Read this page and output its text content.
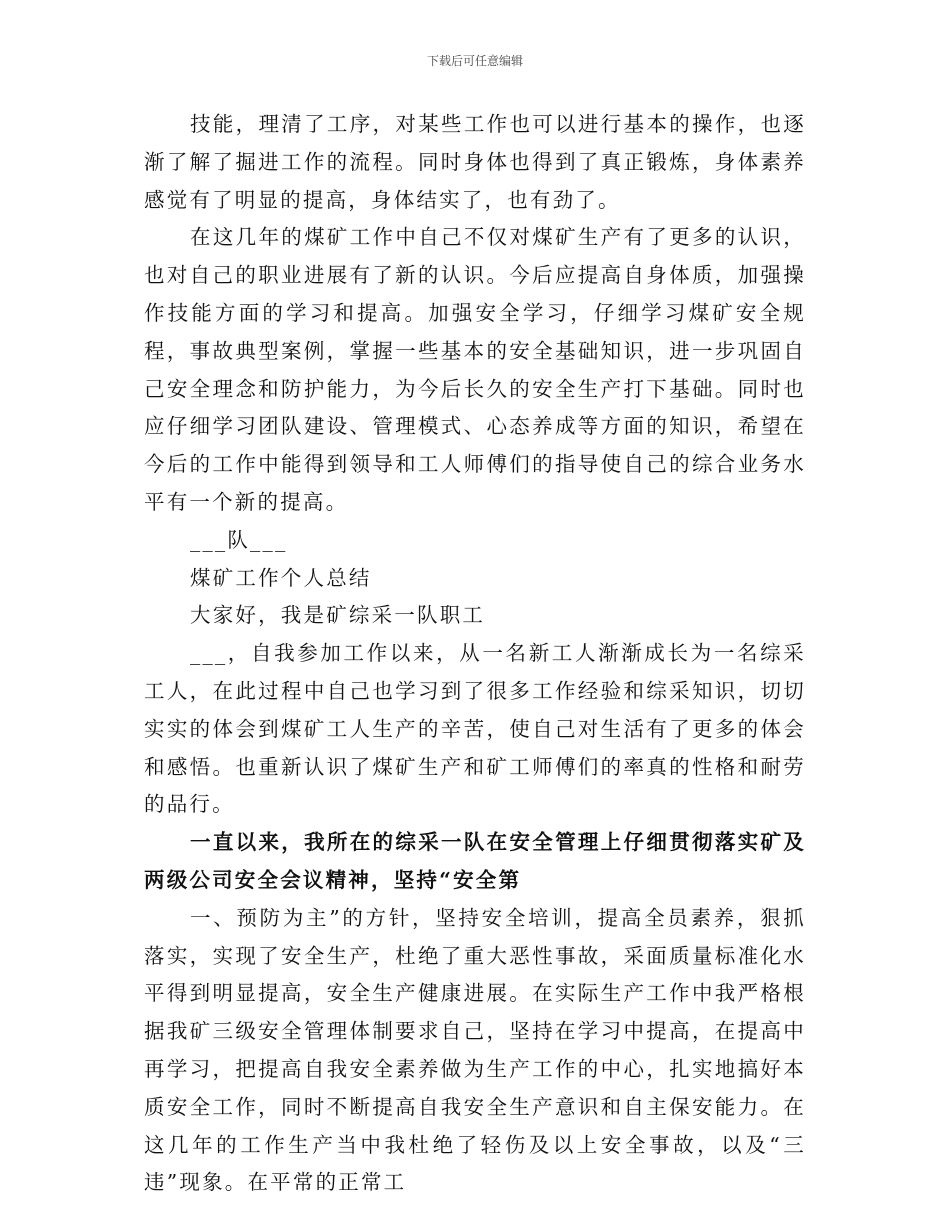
下载后可任意编辑

技能，理清了工序，对某些工作也可以进行基本的操作，也逐渐了解了掘进工作的流程。同时身体也得到了真正锻炼，身体素养感觉有了明显的提高，身体结实了，也有劲了。

在这几年的煤矿工作中自己不仅对煤矿生产有了更多的认识，也对自己的职业进展有了新的认识。今后应提高自身体质，加强操作技能方面的学习和提高。加强安全学习，仔细学习煤矿安全规程，事故典型案例，掌握一些基本的安全基础知识，进一步巩固自己安全理念和防护能力，为今后长久的安全生产打下基础。同时也应仔细学习团队建设、管理模式、心态养成等方面的知识，希望在今后的工作中能得到领导和工人师傅们的指导使自己的综合业务水平有一个新的提高。

___队___

煤矿工作个人总结

大家好，我是矿综采一队职工

___，自我参加工作以来，从一名新工人渐渐成长为一名综采工人，在此过程中自己也学习到了很多工作经验和综采知识，切切实实的体会到煤矿工人生产的辛苦，使自己对生活有了更多的体会和感悟。也重新认识了煤矿生产和矿工师傅们的率真的性格和耐劳的品行。

一直以来，我所在的综采一队在安全管理上仔细贯彻落实矿及两级公司安全会议精神，坚持“安全第

一、预防为主”的方针，坚持安全培训，提高全员素养，狠抓落实，实现了安全生产，杜绝了重大恶性事故，采面质量标准化水平得到明显提高，安全生产健康进展。在实际生产工作中我严格根据我矿三级安全管理体制要求自己，坚持在学习中提高，在提高中再学习，把提高自我安全素养做为生产工作的中心，扎实地搞好本质安全工作，同时不断提高自我安全生产意识和自主保安能力。在这几年的工作生产当中我杜绝了轻伤及以上安全事故，以及“三违”现象。在平常的正常工
